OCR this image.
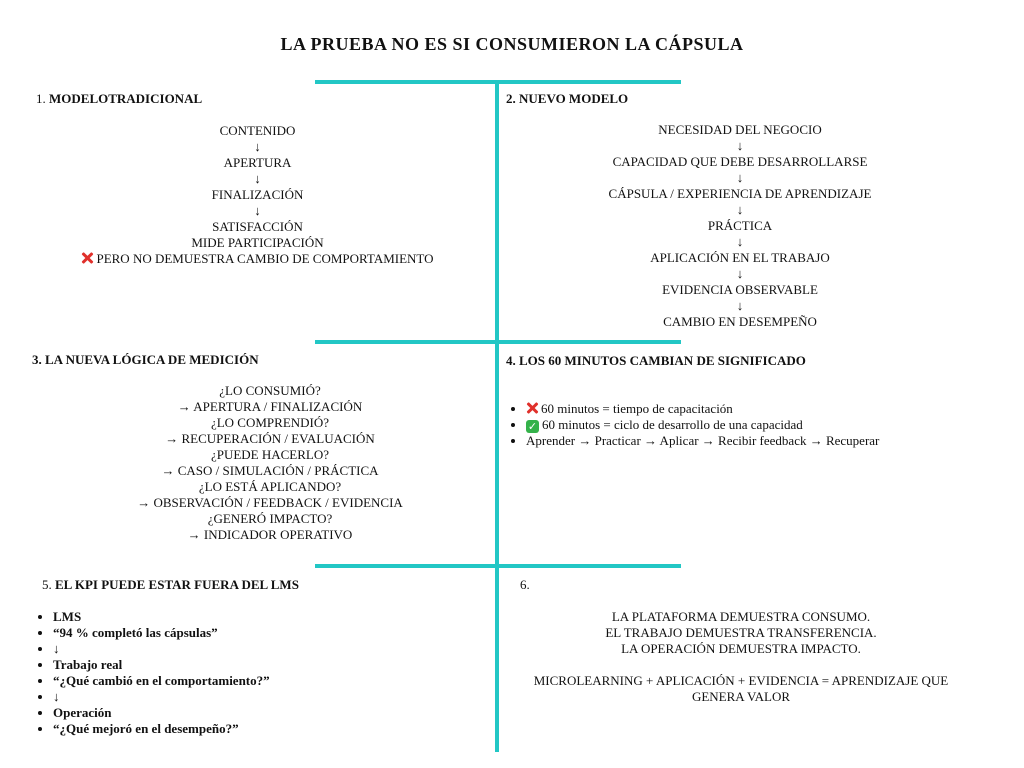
LA PRUEBA NO ES SI CONSUMIERON LA CÁPSULA
1. MODELOTRADICIONAL
CONTENIDO
↓
APERTURA
↓
FINALIZACIÓN
↓
SATISFACCIÓN
MIDE PARTICIPACIÓN
PERO NO DEMUESTRA CAMBIO DE COMPORTAMIENTO
2. NUEVO MODELO
NECESIDAD DEL NEGOCIO
↓
CAPACIDAD QUE DEBE DESARROLLARSE
↓
CÁPSULA / EXPERIENCIA DE APRENDIZAJE
↓
PRÁCTICA
↓
APLICACIÓN EN EL TRABAJO
↓
EVIDENCIA OBSERVABLE
↓
CAMBIO EN DESEMPEÑO
3. LA NUEVA LÓGICA DE MEDICIÓN
¿LO CONSUMIÓ?
→ APERTURA / FINALIZACIÓN
¿LO COMPRENDIÓ?
→ RECUPERACIÓN / EVALUACIÓN
¿PUEDE HACERLO?
→ CASO / SIMULACIÓN / PRÁCTICA
¿LO ESTÁ APLICANDO?
→ OBSERVACIÓN / FEEDBACK / EVIDENCIA
¿GENERÓ IMPACTO?
→ INDICADOR OPERATIVO
4. LOS 60 MINUTOS CAMBIAN DE SIGNIFICADO
• 60 minutos = tiempo de capacitación
• ✓ 60 minutos = ciclo de desarrollo de una capacidad
• Aprender → Practicar → Aplicar → Recibir feedback → Recuperar
5. EL KPI PUEDE ESTAR FUERA DEL LMS
• LMS
• “94 % completó las cápsulas”
• ↓
• Trabajo real
• “¿Qué cambió en el comportamiento?”
• ↓
• Operación
• “¿Qué mejoró en el desempeño?”
6.
LA PLATAFORMA DEMUESTRA CONSUMO.
EL TRABAJO DEMUESTRA TRANSFERENCIA.
LA OPERACIÓN DEMUESTRA IMPACTO.
MICROLEARNING + APLICACIÓN + EVIDENCIA = APRENDIZAJE QUE
GENERA VALOR
